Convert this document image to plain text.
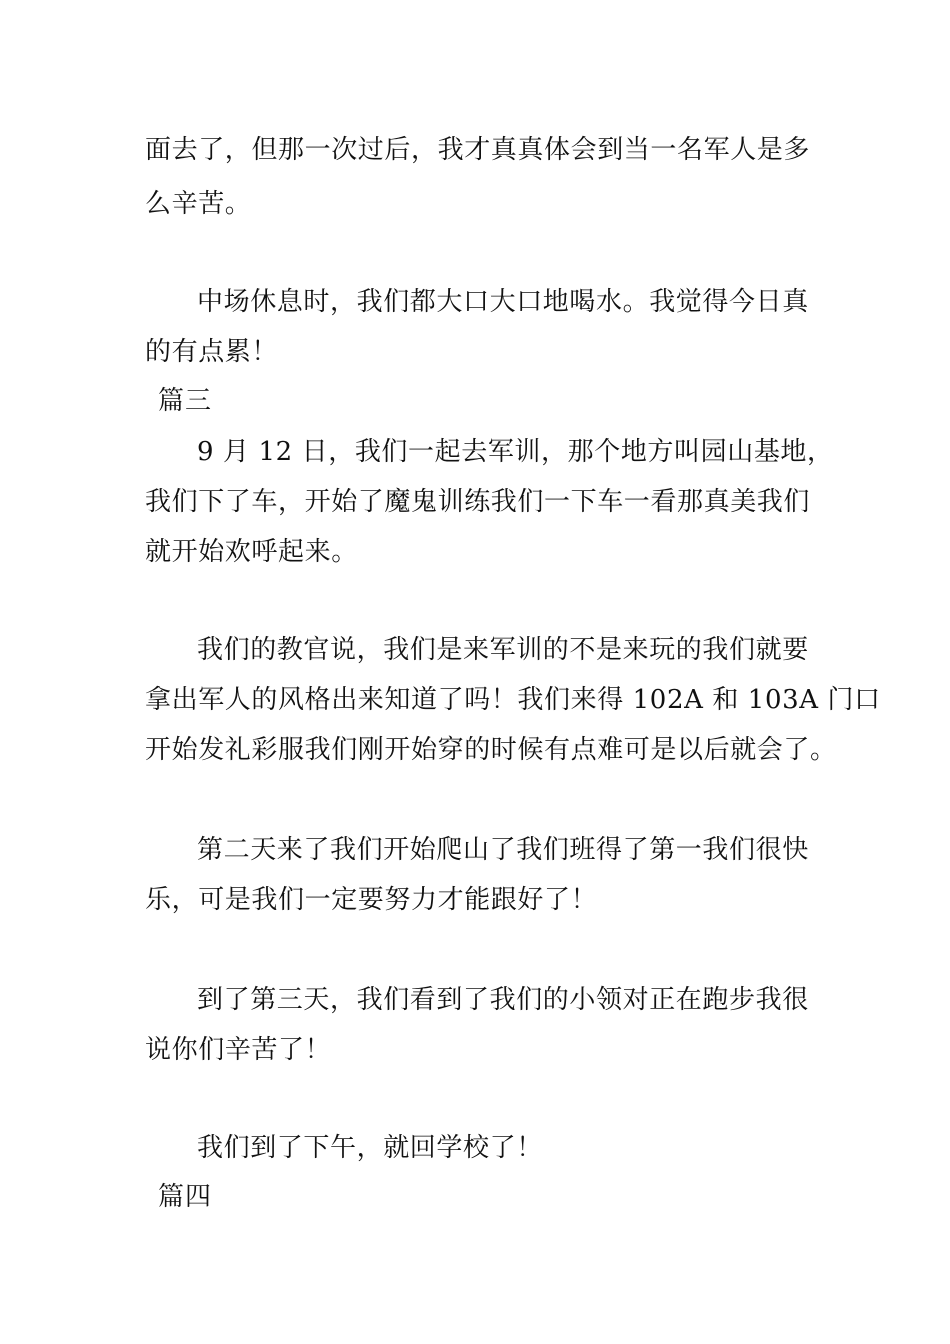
面去了，但那一次过后，我才真真体会到当一名军人是多
么辛苦。
中场休息时，我们都大口大口地喝水。我觉得今日真
的有点累！
篇三
9 月 12 日，我们一起去军训，那个地方叫园山基地，
我们下了车，开始了魔鬼训练我们一下车一看那真美我们
就开始欢呼起来。
我们的教官说，我们是来军训的不是来玩的我们就要
拿出军人的风格出来知道了吗！我们来得 102A 和 103A 门口
开始发礼彩服我们刚开始穿的时候有点难可是以后就会了。
第二天来了我们开始爬山了我们班得了第一我们很快
乐，可是我们一定要努力才能跟好了！
到了第三天，我们看到了我们的小领对正在跑步我很
说你们辛苦了！
我们到了下午，就回学校了！
篇四
